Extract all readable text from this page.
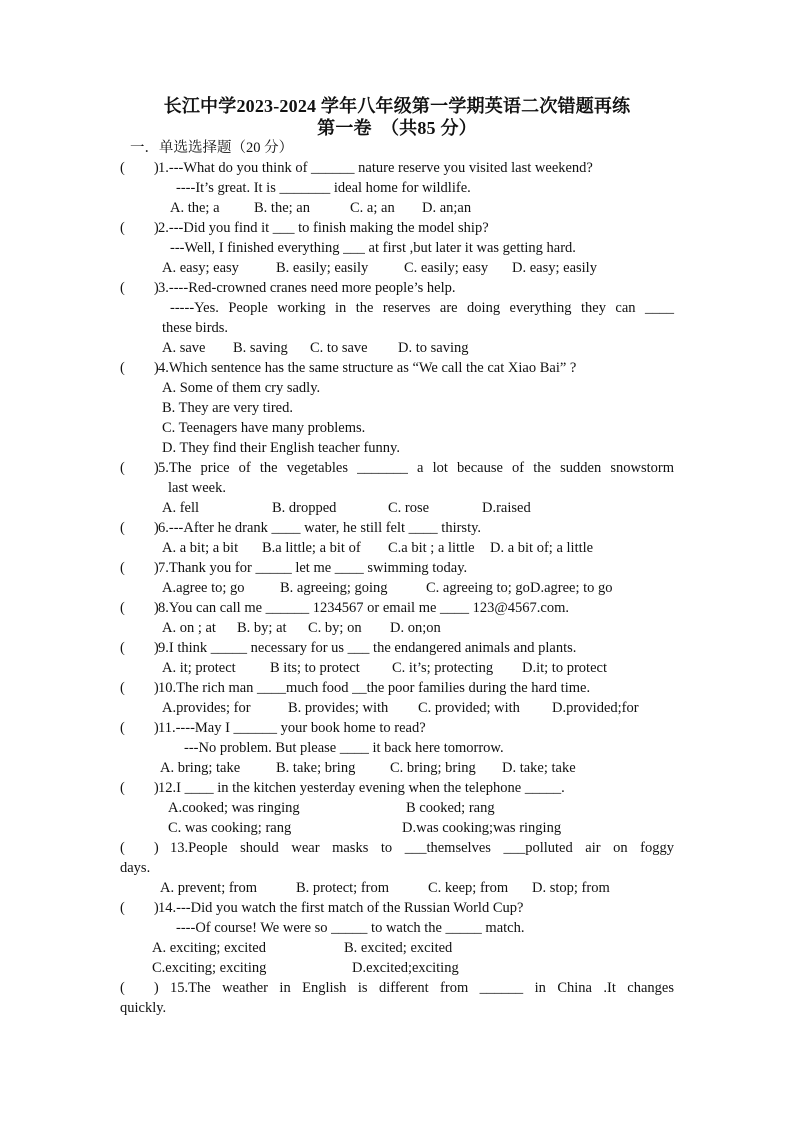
长江中学2023-2024 学年八年级第一学期英语二次错题再练
第一卷　（共85 分）
一．单选选择题（20 分）
(        ) 1.---What do you think of ______ nature reserve you visited last weekend?
----It’s great. It is _______ ideal home for wildlife.
A. the; a B. the; an	C. a; an D. an;an
(        ) 2.---Did you find it ___ to finish making the model ship?
---Well, I finished everything ___ at first ,but later it was getting hard.
A. easy; easy	B. easily; easily C. easily; easy D. easy; easily
(        ) 3.----Red-crowned cranes need more people’s help.
-----Yes. People working in the reserves are doing everything they can ____
these birds.
A. save B. saving C. to save D. to saving
(        ) 4.Which sentence has the same structure as “We call the cat Xiao Bai” ?
A. Some of them cry sadly.
B. They are very tired.
C. Teenagers have many problems.
D. They find their English teacher funny.
(        ) 5.The price of the vegetables _______ a lot because of the sudden snowstorm
last week.
A. fell	B. dropped	C. rose	D.raised
(        ) 6.---After he drank ____ water, he still felt ____ thirsty.
A. a bit; a bit B.a little; a bit of C.a bit ; a little D. a bit of; a little
(        ) 7.Thank you for _____ let me ____ swimming today.
A.agree to; go B. agreeing; going	C. agreeing to; go D.agree; to go
(        ) 8.You can call me ______ 1234567 or email me ____ 123@4567.com.
A. on ; at B. by; at C. by; on D. on;on
(        ) 9.I think _____ necessary for us ___ the endangered animals and plants.
A. it; protect B its; to protect C. it’s; protecting D.it; to protect
(        ) 10.The rich man ____much food __the poor families during the hard time.
A.provides; for	B. provides; with C. provided; with D.provided;for
(        ) 11.----May I ______ your book home to read?
---No problem. But please ____ it back here tomorrow.
A. bring; take B. take; bring C. bring; bring D. take; take
(        ) 12.I ____ in the kitchen yesterday evening when the telephone _____.
A.cooked; was ringing	B cooked; rang
C. was cooking; rang	D.was cooking;was ringing
(        ) 13.People should wear masks to ___themselves ___polluted air on foggy
days.
A. prevent; from	B. protect; from	C. keep; from D. stop; from
(        ) 14.---Did you watch the first match of the Russian World Cup?
----Of course! We were so _____ to watch the _____ match.
A. exciting; excited	B. excited; excited
C.exciting; exciting	D.excited;exciting
(        ) 15.The weather in English is different from ______ in China .It changes
quickly.
